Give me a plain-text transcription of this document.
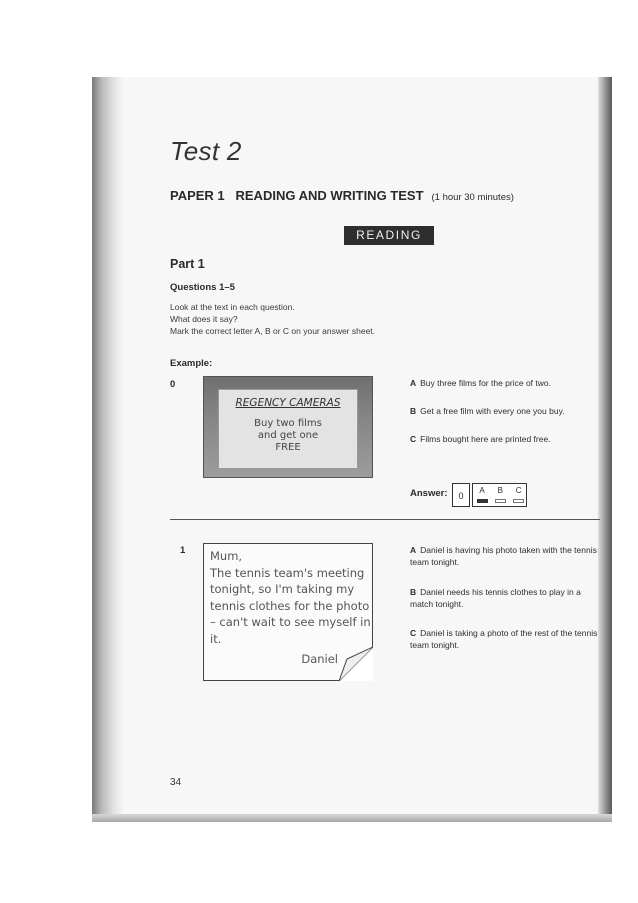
Test 2
PAPER 1   READING AND WRITING TEST (1 hour 30 minutes)
READING
Part 1
Questions 1–5
Look at the text in each question.
What does it say?
Mark the correct letter A, B or C on your answer sheet.
Example:
0
REGENCY CAMERAS
Buy two films
and get one
FREE
A Buy three films for the price of two.
B Get a free film with every one you buy.
C Films bought here are printed free.
Answer:	0
A B C
1 Mum,
The tennis team's meeting
tonight, so I'm taking my
tennis clothes for the photo
– can't wait to see myself in
it.
Daniel
A Daniel is having his photo taken with the tennis team tonight.
B Daniel needs his tennis clothes to play in a match tonight.
C Daniel is taking a photo of the rest of the tennis team tonight.
34
